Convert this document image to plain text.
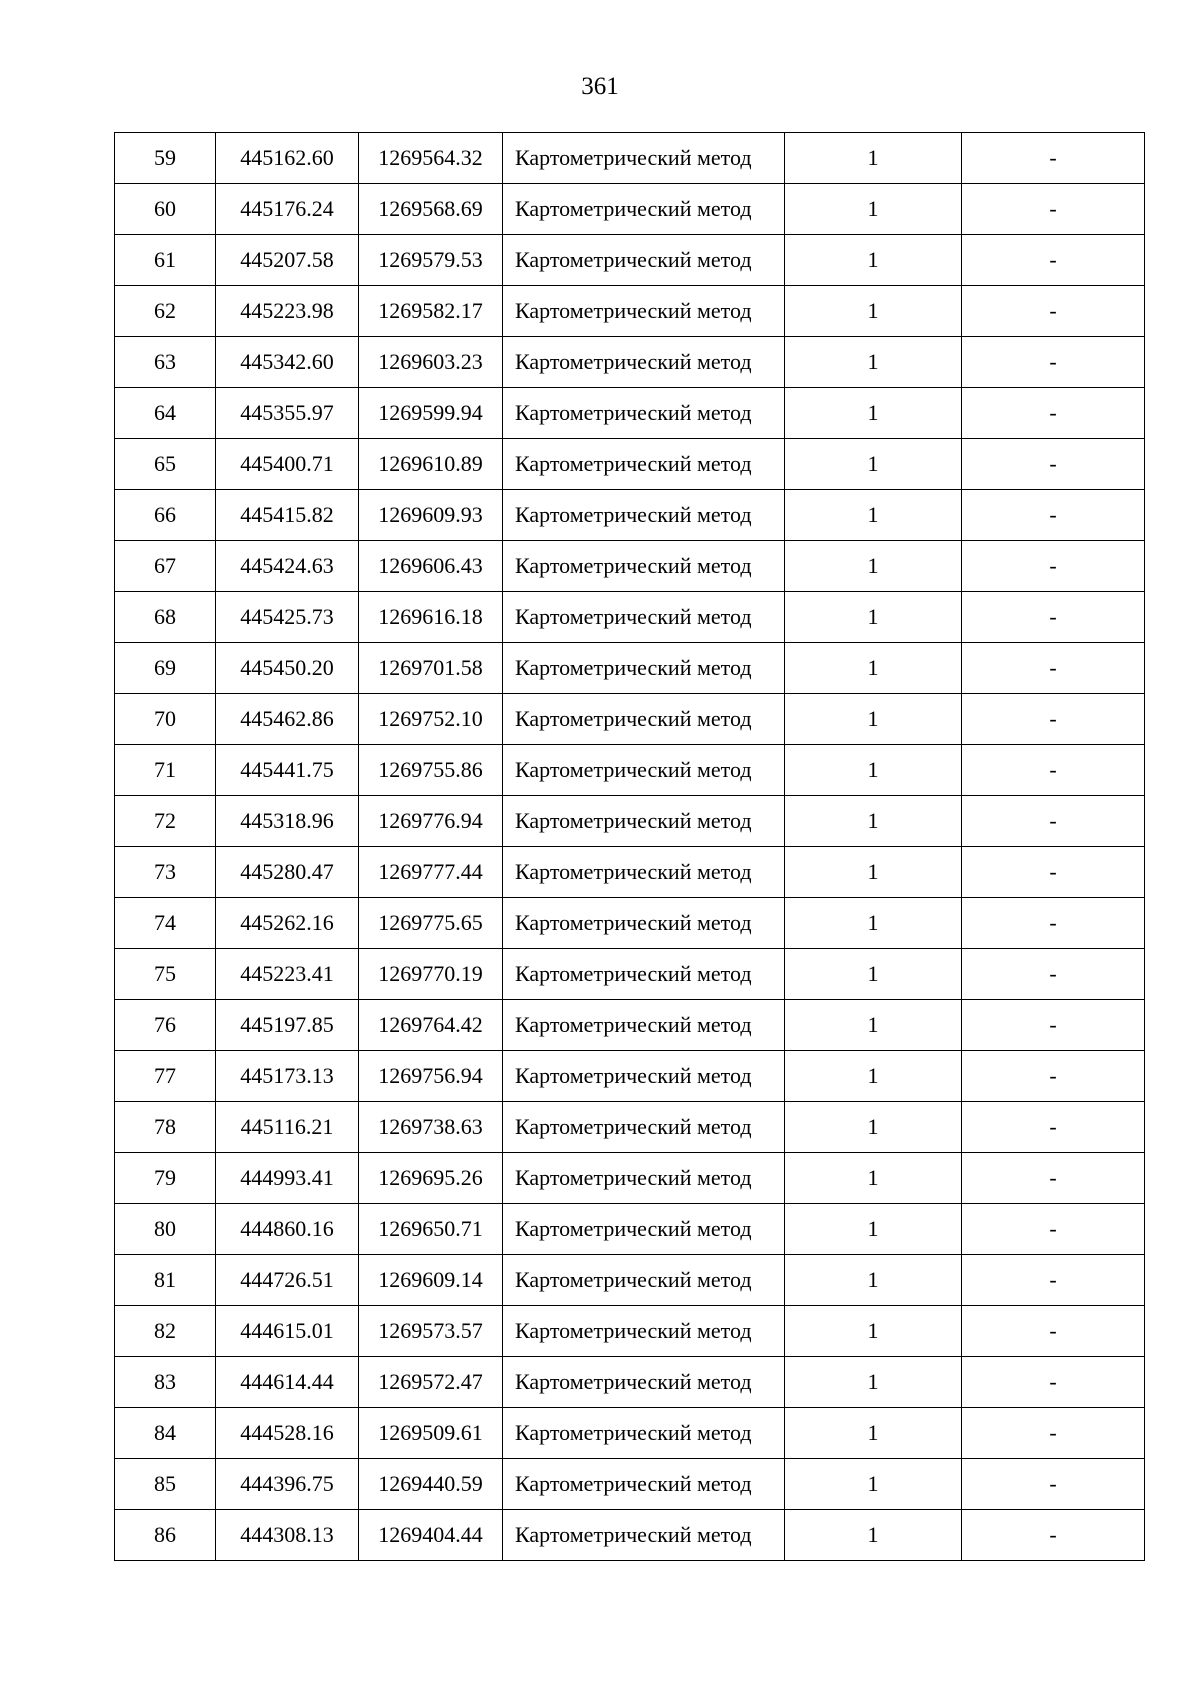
361
59	445162.60	1269564.32	Картометрический метод	1	-
60	445176.24	1269568.69	Картометрический метод	1	-
61	445207.58	1269579.53	Картометрический метод	1	-
62	445223.98	1269582.17	Картометрический метод	1	-
63	445342.60	1269603.23	Картометрический метод	1	-
64	445355.97	1269599.94	Картометрический метод	1	-
65	445400.71	1269610.89	Картометрический метод	1	-
66	445415.82	1269609.93	Картометрический метод	1	-
67	445424.63	1269606.43	Картометрический метод	1	-
68	445425.73	1269616.18	Картометрический метод	1	-
69	445450.20	1269701.58	Картометрический метод	1	-
70	445462.86	1269752.10	Картометрический метод	1	-
71	445441.75	1269755.86	Картометрический метод	1	-
72	445318.96	1269776.94	Картометрический метод	1	-
73	445280.47	1269777.44	Картометрический метод	1	-
74	445262.16	1269775.65	Картометрический метод	1	-
75	445223.41	1269770.19	Картометрический метод	1	-
76	445197.85	1269764.42	Картометрический метод	1	-
77	445173.13	1269756.94	Картометрический метод	1	-
78	445116.21	1269738.63	Картометрический метод	1	-
79	444993.41	1269695.26	Картометрический метод	1	-
80	444860.16	1269650.71	Картометрический метод	1	-
81	444726.51	1269609.14	Картометрический метод	1	-
82	444615.01	1269573.57	Картометрический метод	1	-
83	444614.44	1269572.47	Картометрический метод	1	-
84	444528.16	1269509.61	Картометрический метод	1	-
85	444396.75	1269440.59	Картометрический метод	1	-
86	444308.13	1269404.44	Картометрический метод	1	-
